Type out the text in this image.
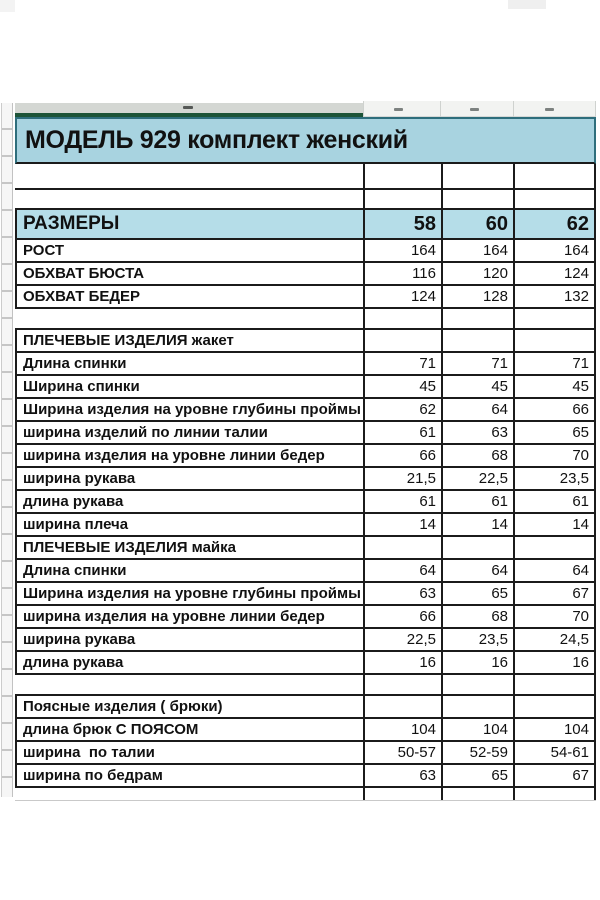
МОДЕЛЬ 929 комплект женский
РАЗМЕРЫ	58	60	62
РОСТ	164	164	164
ОБХВАТ БЮСТА	116	120	124
ОБХВАТ БЕДЕР	124	128	132
ПЛЕЧЕВЫЕ ИЗДЕЛИЯ жакет
Длина спинки	71	71	71
Ширина спинки	45	45	45
Ширина изделия на уровне глубины проймы	62	64	66
ширина изделий по линии талии	61	63	65
ширина изделия на уровне линии бедер	66	68	70
ширина рукава	21,5	22,5	23,5
длина рукава	61	61	61
ширина плеча	14	14	14
ПЛЕЧЕВЫЕ ИЗДЕЛИЯ майка
Длина спинки	64	64	64
Ширина изделия на уровне глубины проймы	63	65	67
ширина изделия на уровне линии бедер	66	68	70
ширина рукава	22,5	23,5	24,5
длина рукава	16	16	16
Поясные изделия ( брюки)
длина брюк С ПОЯСОМ	104	104	104
ширина  по талии	50-57	52-59	54-61
ширина по бедрам	63	65	67
